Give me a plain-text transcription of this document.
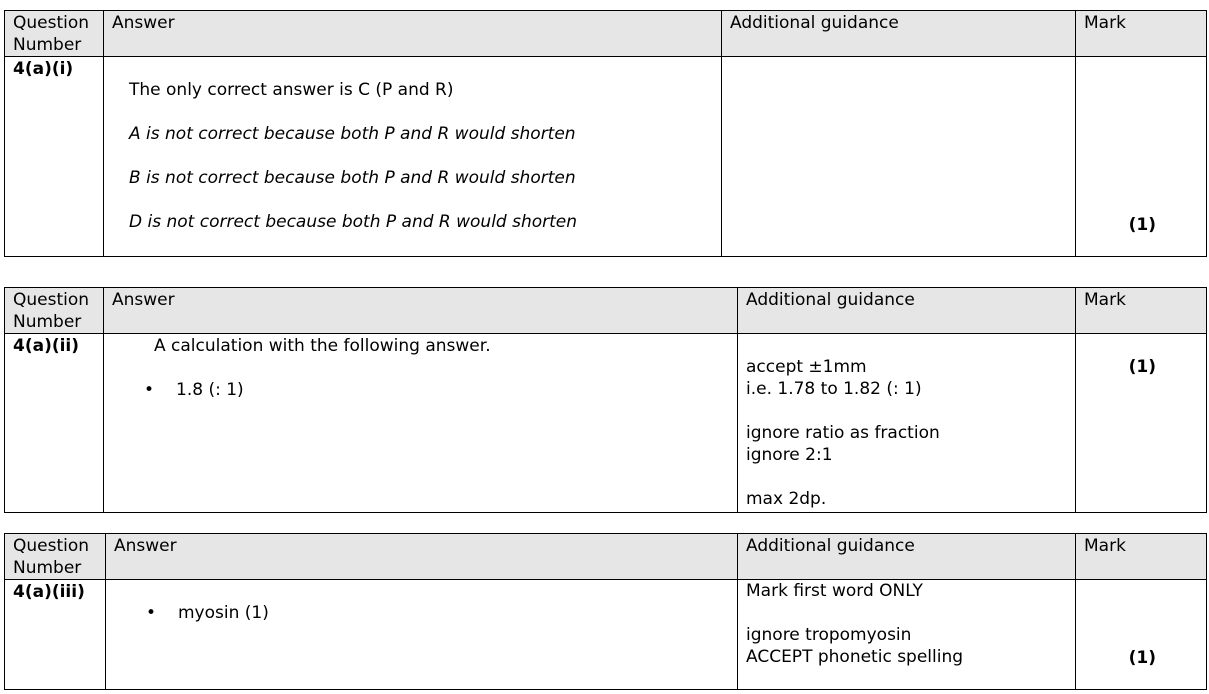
Question
Number	Answer	Additional guidance	Mark

4(a)(i)	The only correct answer is C (P and R)
A is not correct because both P and R would shorten
B is not correct because both P and R would shorten
D is not correct because both P and R would shorten		(1)
Question
Number	Answer	Additional guidance	Mark

4(a)(ii)	A calculation with the following answer.
• 1.8 (: 1)	accept ±1mm
i.e. 1.78 to 1.82 (: 1)
ignore ratio as fraction
ignore 2:1
max 2dp.	(1)
Question
Number	Answer	Additional guidance	Mark

4(a)(iii)	• myosin (1)	Mark first word ONLY
ignore tropomyosin
ACCEPT phonetic spelling	(1)
